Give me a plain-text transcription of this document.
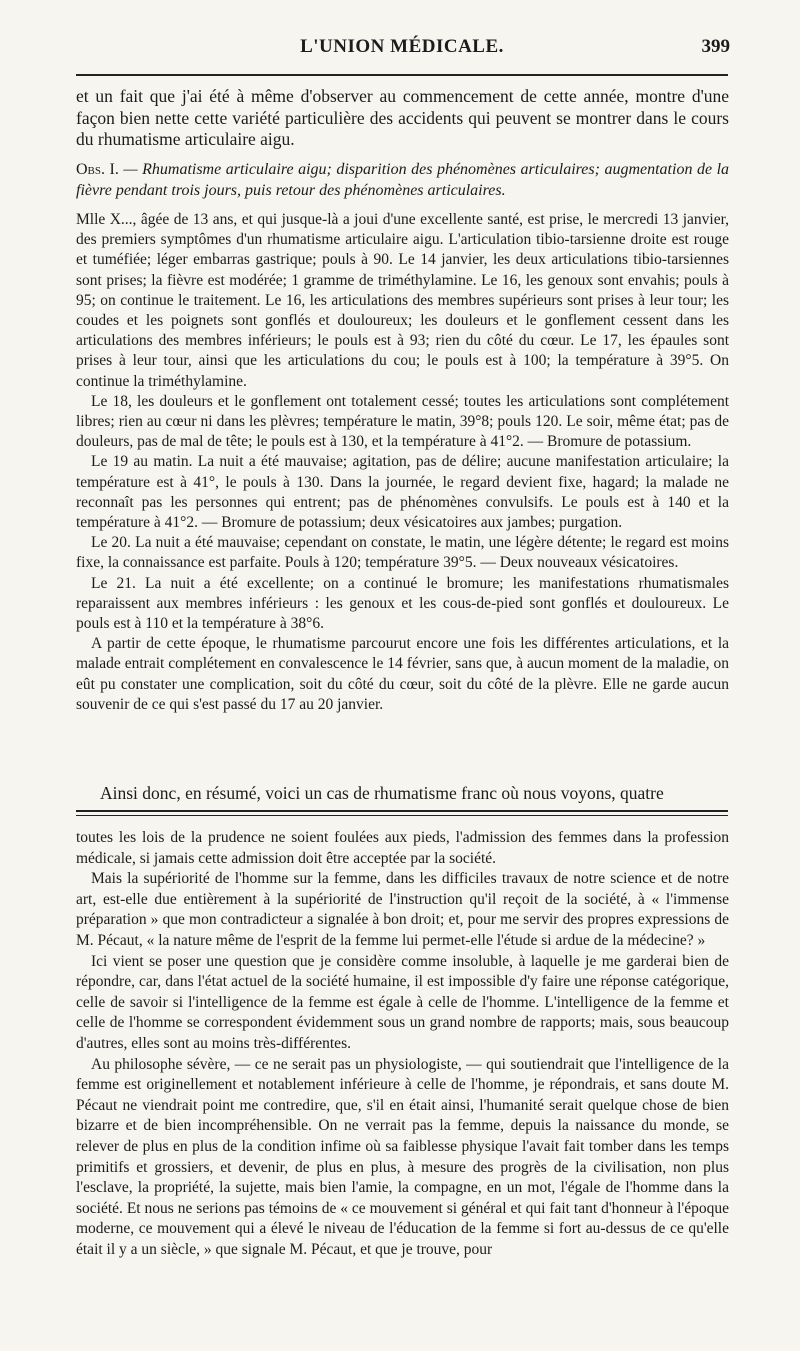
L'UNION MÉDICALE.	399

et un fait que j'ai été à même d'observer au commencement de cette année, montre d'une façon bien nette cette variété particulière des accidents qui peuvent se montrer dans le cours du rhumatisme articulaire aigu.

Obs. I. — Rhumatisme articulaire aigu; disparition des phénomènes articulaires; augmentation de la fièvre pendant trois jours, puis retour des phénomènes articulaires.

Mlle X..., âgée de 13 ans, et qui jusque-là a joui d'une excellente santé, est prise, le mercredi 13 janvier, des premiers symptômes d'un rhumatisme articulaire aigu. L'articulation tibio-tarsienne droite est rouge et tuméfiée; léger embarras gastrique; pouls à 90. Le 14 janvier, les deux articulations tibio-tarsiennes sont prises; la fièvre est modérée; 1 gramme de triméthylamine. Le 16, les genoux sont envahis; pouls à 95; on continue le traitement. Le 16, les articulations des membres supérieurs sont prises à leur tour; les coudes et les poignets sont gonflés et douloureux; les douleurs et le gonflement cessent dans les articulations des membres inférieurs; le pouls est à 93; rien du côté du cœur. Le 17, les épaules sont prises à leur tour, ainsi que les articulations du cou; le pouls est à 100; la température à 39°5. On continue la triméthylamine.

Le 18, les douleurs et le gonflement ont totalement cessé; toutes les articulations sont complétement libres; rien au cœur ni dans les plèvres; température le matin, 39°8; pouls 120. Le soir, même état; pas de douleurs, pas de mal de tête; le pouls est à 130, et la température à 41°2. — Bromure de potassium.

Le 19 au matin. La nuit a été mauvaise; agitation, pas de délire; aucune manifestation articulaire; la température est à 41°, le pouls à 130. Dans la journée, le regard devient fixe, hagard; la malade ne reconnaît pas les personnes qui entrent; pas de phénomènes convulsifs. Le pouls est à 140 et la température à 41°2. — Bromure de potassium; deux vésicatoires aux jambes; purgation.

Le 20. La nuit a été mauvaise; cependant on constate, le matin, une légère détente; le regard est moins fixe, la connaissance est parfaite. Pouls à 120; température 39°5. — Deux nouveaux vésicatoires.

Le 21. La nuit a été excellente; on a continué le bromure; les manifestations rhumatismales reparaissent aux membres inférieurs : les genoux et les cous-de-pied sont gonflés et douloureux. Le pouls est à 110 et la température à 38°6.

A partir de cette époque, le rhumatisme parcourut encore une fois les différentes articulations, et la malade entrait complétement en convalescence le 14 février, sans que, à aucun moment de la maladie, on eût pu constater une complication, soit du côté du cœur, soit du côté de la plèvre. Elle ne garde aucun souvenir de ce qui s'est passé du 17 au 20 janvier.

Ainsi donc, en résumé, voici un cas de rhumatisme franc où nous voyons, quatre

toutes les lois de la prudence ne soient foulées aux pieds, l'admission des femmes dans la profession médicale, si jamais cette admission doit être acceptée par la société.

Mais la supériorité de l'homme sur la femme, dans les difficiles travaux de notre science et de notre art, est-elle due entièrement à la supériorité de l'instruction qu'il reçoit de la société, à « l'immense préparation » que mon contradicteur a signalée à bon droit; et, pour me servir des propres expressions de M. Pécaut, « la nature même de l'esprit de la femme lui permet-elle l'étude si ardue de la médecine? »

Ici vient se poser une question que je considère comme insoluble, à laquelle je me garderai bien de répondre, car, dans l'état actuel de la société humaine, il est impossible d'y faire une réponse catégorique, celle de savoir si l'intelligence de la femme est égale à celle de l'homme. L'intelligence de la femme et celle de l'homme se correspondent évidemment sous un grand nombre de rapports; mais, sous beaucoup d'autres, elles sont au moins très-différentes.

Au philosophe sévère, — ce ne serait pas un physiologiste, — qui soutiendrait que l'intelligence de la femme est originellement et notablement inférieure à celle de l'homme, je répondrais, et sans doute M. Pécaut ne viendrait point me contredire, que, s'il en était ainsi, l'humanité serait quelque chose de bien bizarre et de bien incompréhensible. On ne verrait pas la femme, depuis la naissance du monde, se relever de plus en plus de la condition infime où sa faiblesse physique l'avait fait tomber dans les temps primitifs et grossiers, et devenir, de plus en plus, à mesure des progrès de la civilisation, non plus l'esclave, la propriété, la sujette, mais bien l'amie, la compagne, en un mot, l'égale de l'homme dans la société. Et nous ne serions pas témoins de « ce mouvement si général et qui fait tant d'honneur à l'époque moderne, ce mouvement qui a élevé le niveau de l'éducation de la femme si fort au-dessus de ce qu'elle était il y a un siècle, » que signale M. Pécaut, et que je trouve, pour
